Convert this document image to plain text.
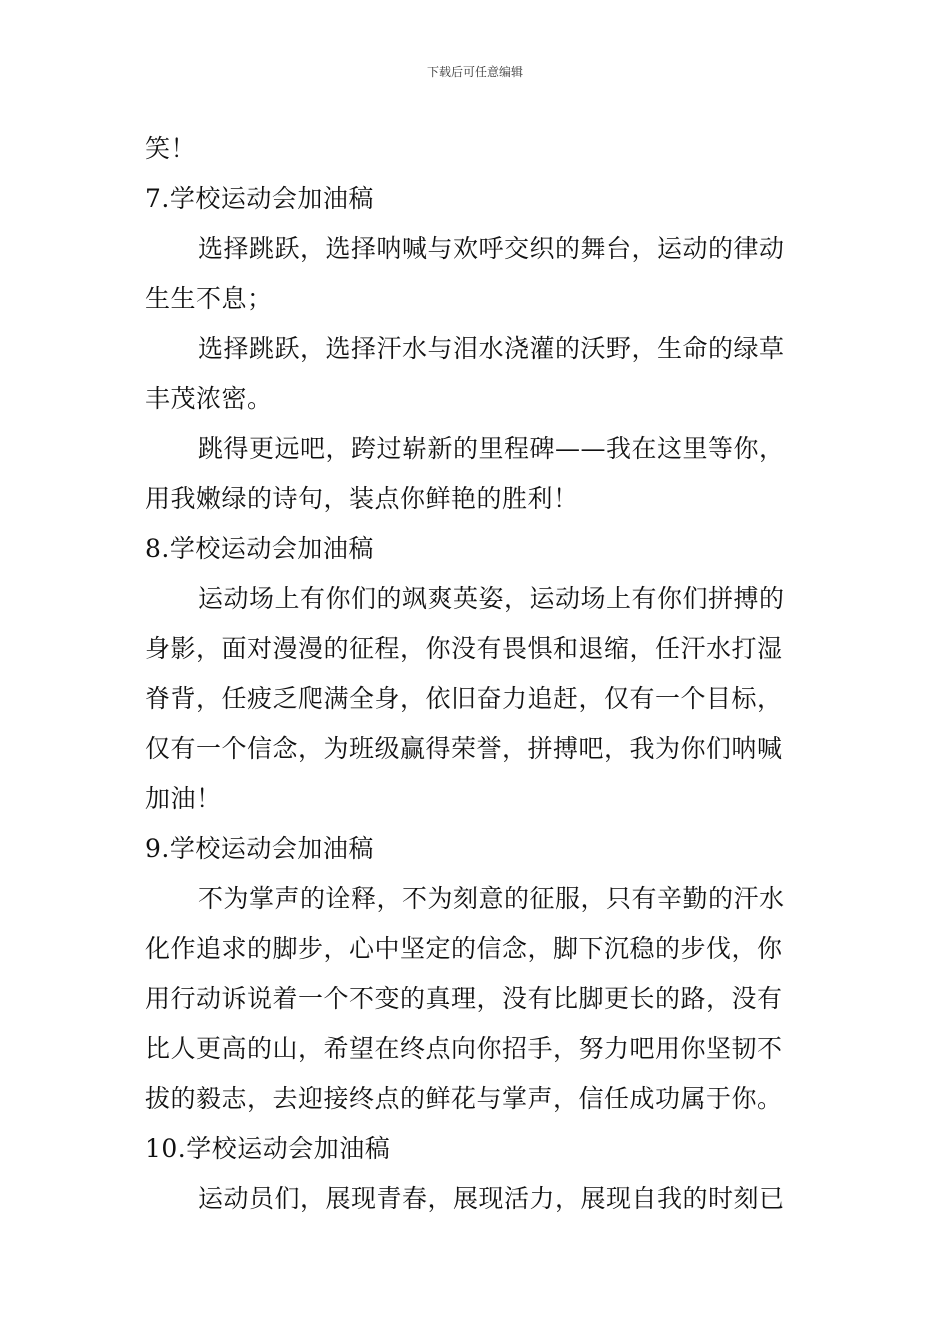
下载后可任意编辑
笑！
7.学校运动会加油稿
选择跳跃，选择呐喊与欢呼交织的舞台，运动的律动
生生不息；
选择跳跃，选择汗水与泪水浇灌的沃野，生命的绿草
丰茂浓密。
跳得更远吧，跨过崭新的里程碑——我在这里等你，
用我嫩绿的诗句，装点你鲜艳的胜利！
8.学校运动会加油稿
运动场上有你们的飒爽英姿，运动场上有你们拼搏的
身影，面对漫漫的征程，你没有畏惧和退缩，任汗水打湿
脊背，任疲乏爬满全身，依旧奋力追赶，仅有一个目标，
仅有一个信念，为班级赢得荣誉，拼搏吧，我为你们呐喊
加油！
9.学校运动会加油稿
不为掌声的诠释，不为刻意的征服，只有辛勤的汗水
化作追求的脚步，心中坚定的信念，脚下沉稳的步伐，你
用行动诉说着一个不变的真理，没有比脚更长的路，没有
比人更高的山，希望在终点向你招手，努力吧用你坚韧不
拔的毅志，去迎接终点的鲜花与掌声，信任成功属于你。
10.学校运动会加油稿
运动员们，展现青春，展现活力，展现自我的时刻已
